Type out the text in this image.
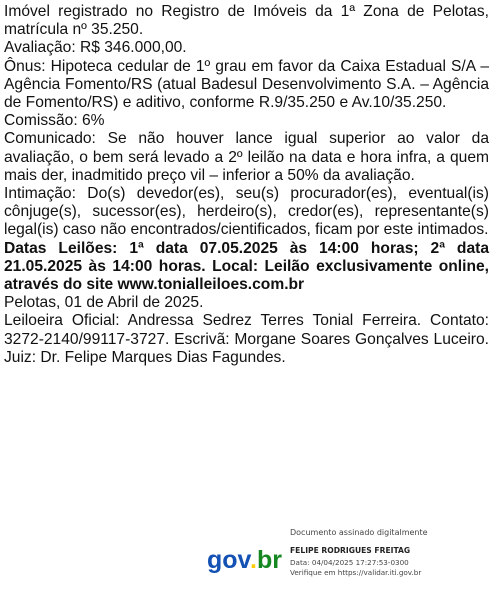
Imóvel registrado no Registro de Imóveis da 1ª Zona de Pelotas, matrícula nº 35.250.

Avaliação: R$ 346.000,00.

Ônus: Hipoteca cedular de 1º grau em favor da Caixa Estadual S/A – Agência Fomento/RS (atual Badesul Desenvolvimento S.A. – Agência de Fomento/RS) e aditivo, conforme R.9/35.250 e Av.10/35.250.

Comissão: 6%

Comunicado: Se não houver lance igual superior ao valor da avaliação, o bem será levado a 2º leilão na data e hora infra, a quem mais der, inadmitido preço vil – inferior a 50% da avaliação.

Intimação: Do(s) devedor(es), seu(s) procurador(es), eventual(is) cônjuge(s), sucessor(es), herdeiro(s), credor(es), representante(s) legal(is) caso não encontrados/cientificados, ficam por este intimados.

Datas Leilões: 1ª data 07.05.2025 às 14:00 horas; 2ª data 21.05.2025 às 14:00 horas. Local: Leilão exclusivamente online, através do site www.tonialleiloes.com.br

Pelotas, 01 de Abril de 2025.

Leiloeira Oficial: Andressa Sedrez Terres Tonial Ferreira. Contato: 3272-2140/99117-3727. Escrivã: Morgane Soares Gonçalves Luceiro. Juiz: Dr. Felipe Marques Dias Fagundes.

Documento assinado digitalmente
gov
.br FELIPE RODRIGUES FREITAG
Data: 04/04/2025 17:27:53-0300
Verifique em https://validar.iti.gov.br
